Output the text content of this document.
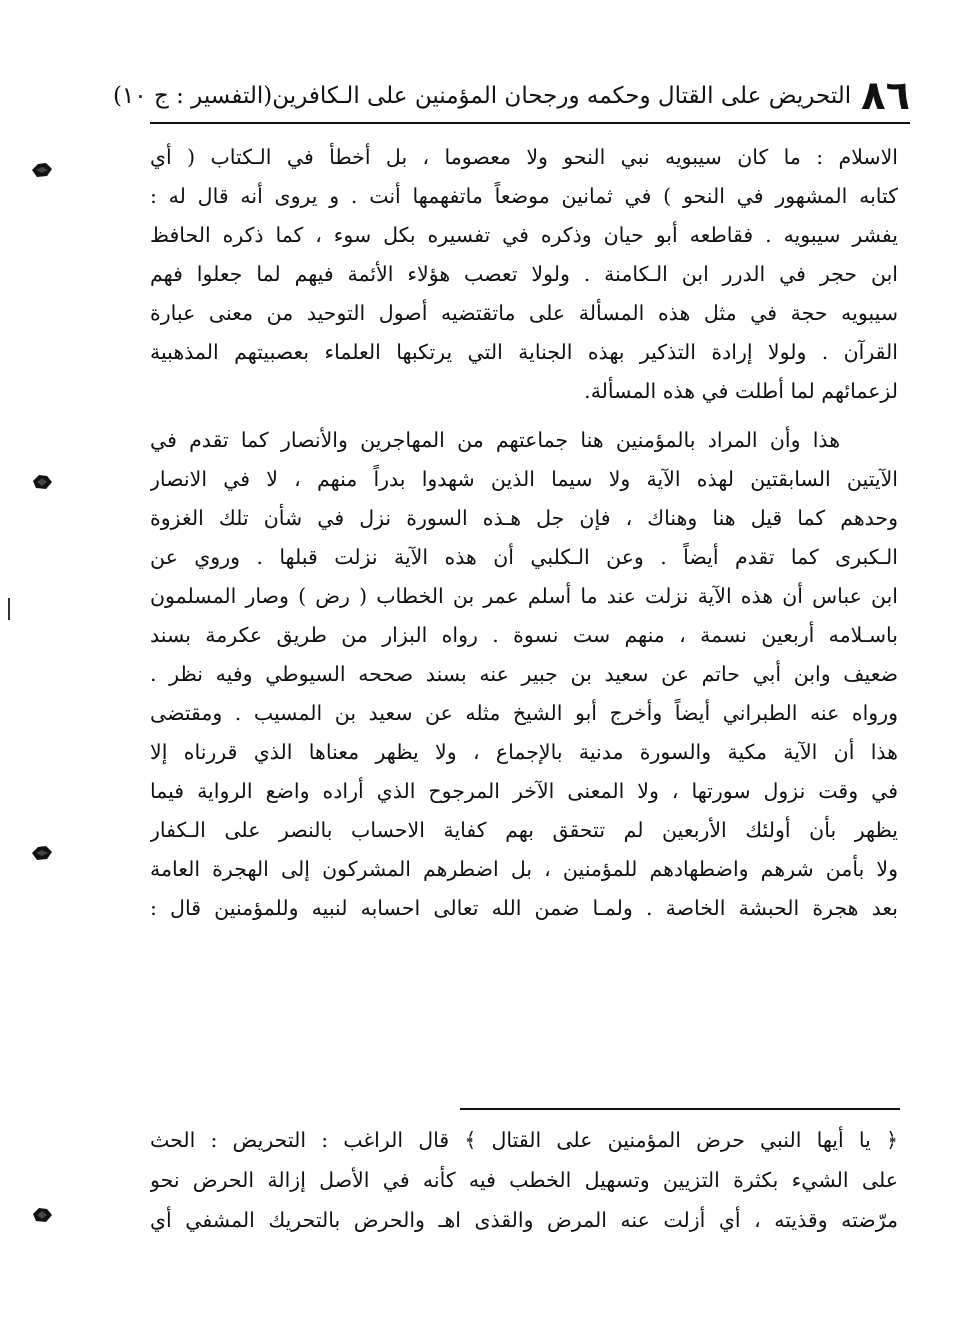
٨٦
التحريض على القتال وحكمه ورجحان المؤمنين على الـكافرين(التفسير : ج ١٠)
الاسلام : ما كان سيبويه نبي النحو ولا معصوما ، بل أخطأ في الـكتاب ( أي
كتابه المشهور في النحو ) في ثمانين موضعاً ماتفهمها أنت . و يروى أنه قال له :
يفشر سيبويه . فقاطعه أبو حيان وذكره في تفسيره بكل سوء ، كما ذكره الحافظ
ابن حجر في الدرر ابن الـكامنة . ولولا تعصب هؤلاء الأئمة فيهم لما جعلوا فهم
سيبويه حجة في مثل هذه المسألة على ماتقتضيه أصول التوحيد من معنى عبارة
القرآن . ولولا إرادة التذكير بهذه الجناية التي يرتكبها العلماء بعصبيتهم المذهبية
لزعمائهم لما أطلت في هذه المسألة.
هذا وأن المراد بالمؤمنين هنا جماعتهم من المهاجرين والأنصار كما تقدم في
الآيتين السابقتين لهذه الآية ولا سيما الذين شهدوا بدراً منهم ، لا في الانصار
وحدهم كما قيل هنا وهناك ، فإن جل هـذه السورة نزل في شأن تلك الغزوة
الـكبرى كما تقدم أيضاً . وعن الـكلبي أن هذه الآية نزلت قبلها . وروي عن
ابن عباس أن هذه الآية نزلت عند ما أسلم عمر بن الخطاب ( رض ) وصار المسلمون
باسـلامه أربعين نسمة ، منهم ست نسوة . رواه البزار من طريق عكرمة بسند
ضعيف وابن أبي حاتم عن سعيد بن جبير عنه بسند صححه السيوطي وفيه نظر .
ورواه عنه الطبراني أيضاً وأخرج أبو الشيخ مثله عن سعيد بن المسيب . ومقتضى
هذا أن الآية مكية والسورة مدنية بالإجماع ، ولا يظهر معناها الذي قررناه إلا
في وقت نزول سورتها ، ولا المعنى الآخر المرجوح الذي أراده واضع الرواية فيما
يظهر بأن أولئك الأربعين لم تتحقق بهم كفاية الاحساب بالنصر على الـكفار
ولا بأمن شرهم واضطهادهم للمؤمنين ، بل اضطرهم المشركون إلى الهجرة العامة
بعد هجرة الحبشة الخاصة . ولمـا ضمن الله تعالى احسابه لنبيه وللمؤمنين قال :
﴿ يا أيها النبي حرض المؤمنين على القتال ﴾ قال الراغب : التحريض : الحث
على الشيء بكثرة التزيين وتسهيل الخطب فيه كأنه في الأصل إزالة الحرض نحو
مرّضته وقذيته ، أي أزلت عنه المرض والقذى اهـ والحرض بالتحريك المشفي أي
